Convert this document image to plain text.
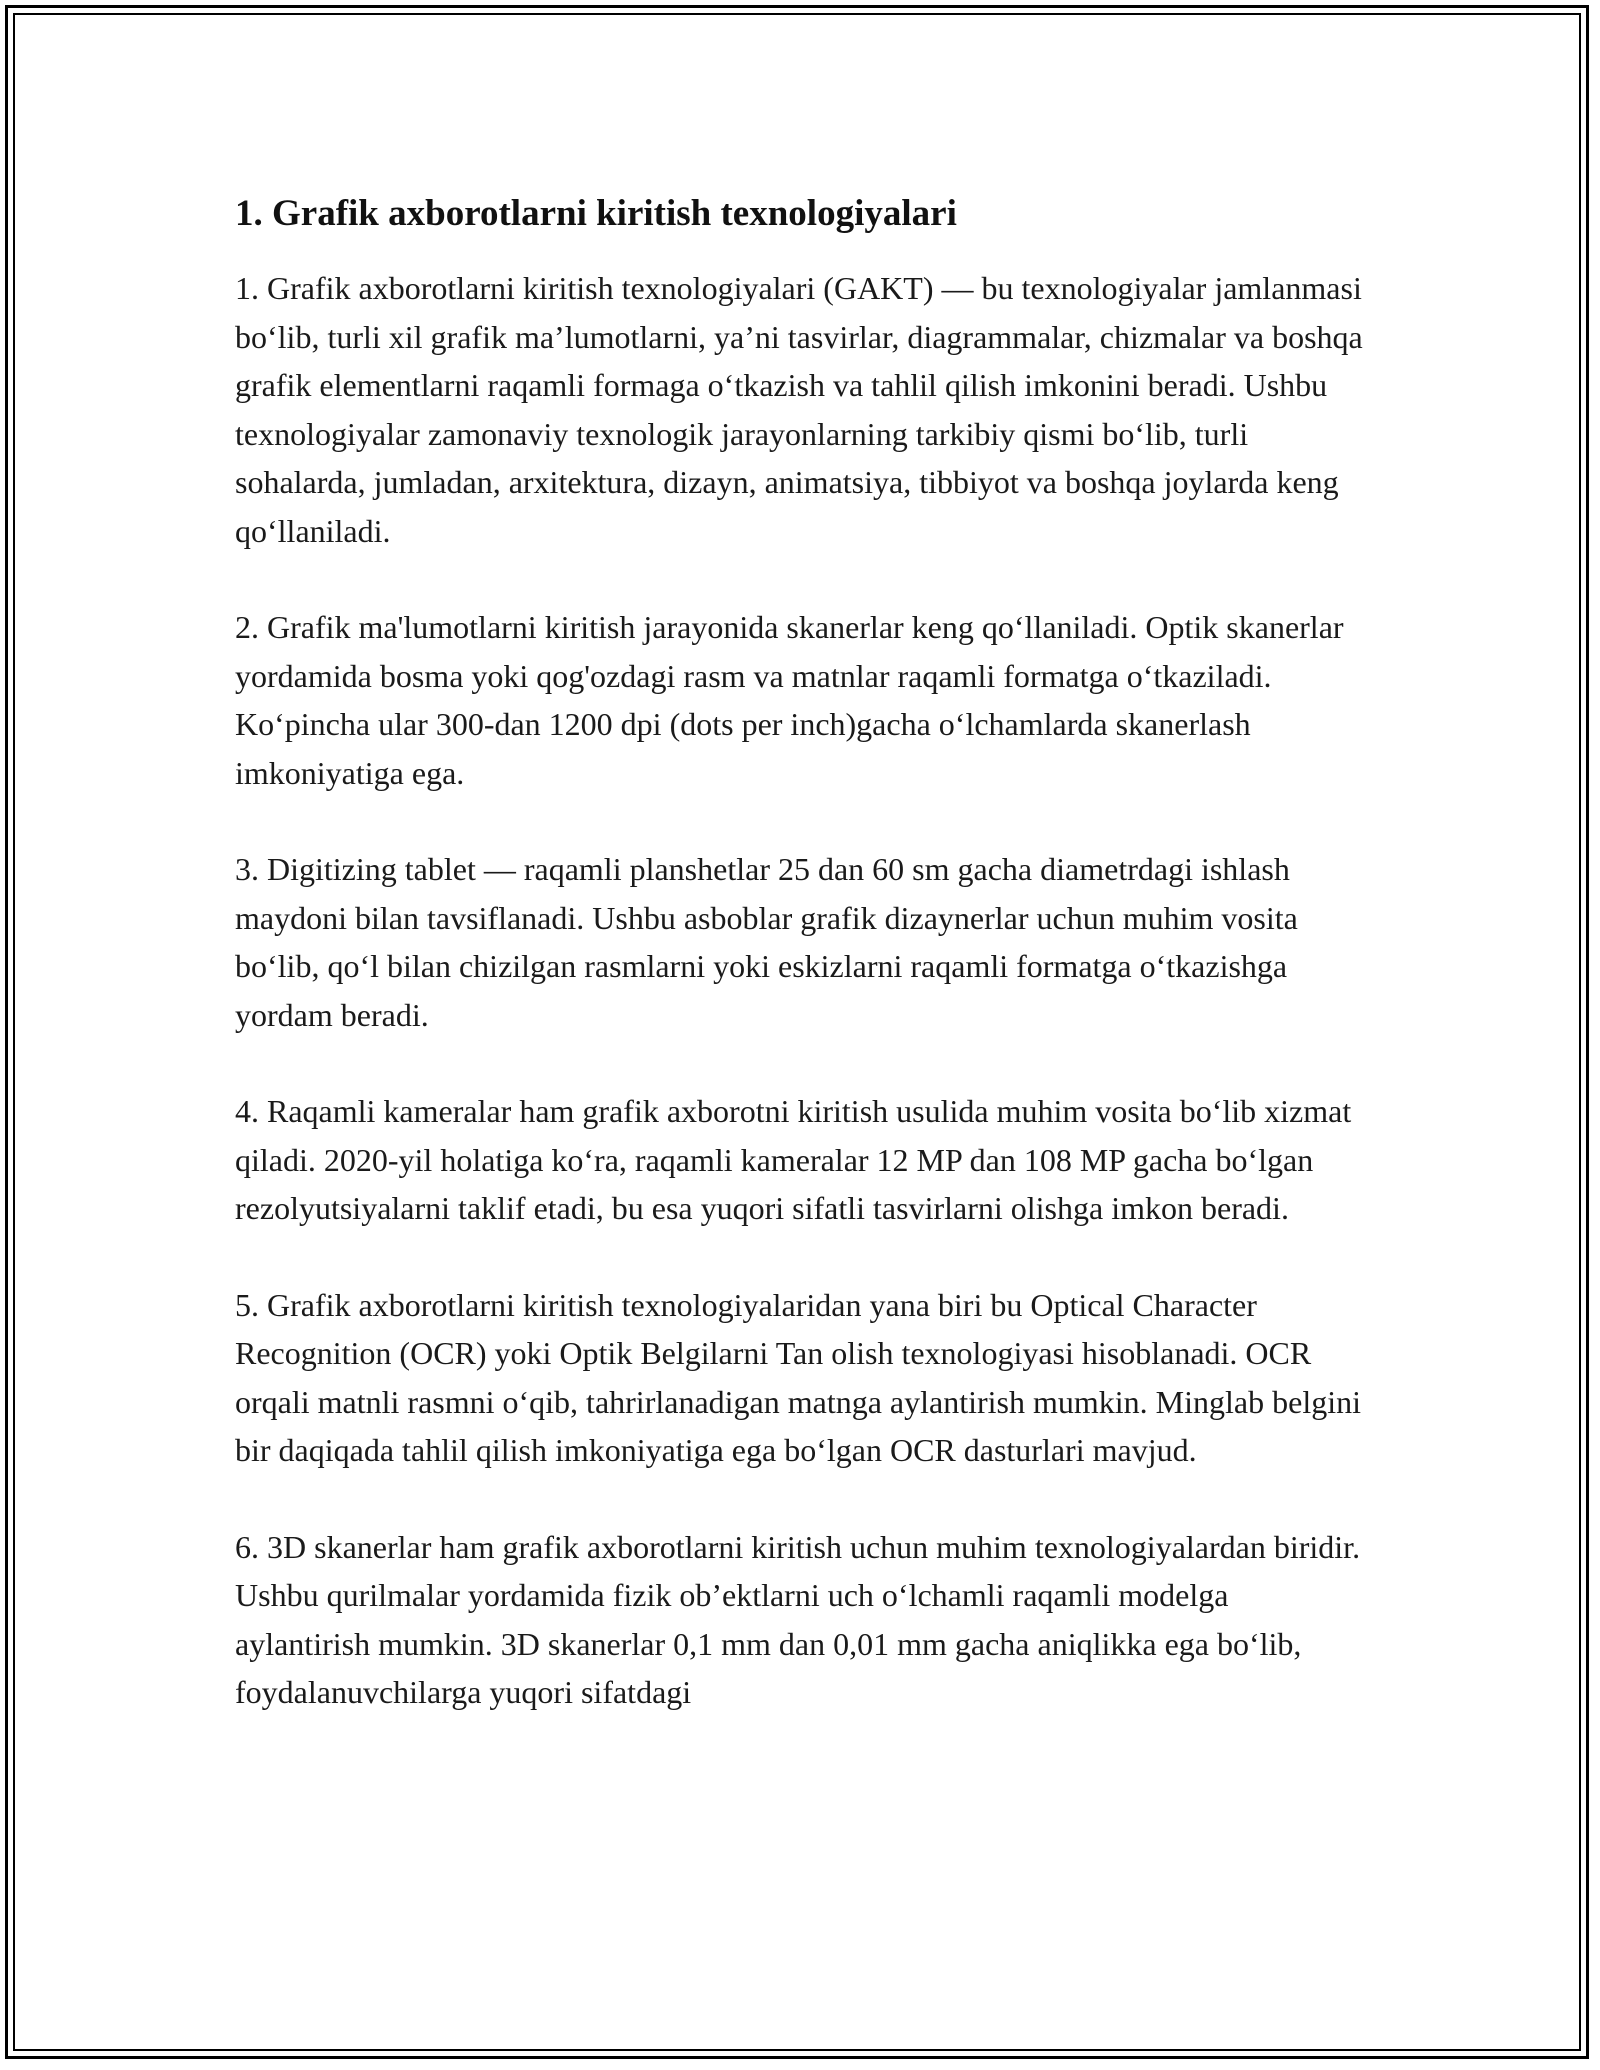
1. Grafik axborotlarni kiritish texnologiyalari

1. Grafik axborotlarni kiritish texnologiyalari (GAKT) — bu texnologiyalar jamlanmasi bo‘lib, turli xil grafik ma’lumotlarni, ya’ni tasvirlar, diagrammalar, chizmalar va boshqa grafik elementlarni raqamli formaga o‘tkazish va tahlil qilish imkonini beradi. Ushbu texnologiyalar zamonaviy texnologik jarayonlarning tarkibiy qismi bo‘lib, turli sohalarda, jumladan, arxitektura, dizayn, animatsiya, tibbiyot va boshqa joylarda keng qo‘llaniladi.

2. Grafik ma'lumotlarni kiritish jarayonida skanerlar keng qo‘llaniladi. Optik skanerlar yordamida bosma yoki qog'ozdagi rasm va matnlar raqamli formatga o‘tkaziladi. Ko‘pincha ular 300-dan 1200 dpi (dots per inch)gacha o‘lchamlarda skanerlash imkoniyatiga ega.

3. Digitizing tablet — raqamli planshetlar 25 dan 60 sm gacha diametrdagi ishlash maydoni bilan tavsiflanadi. Ushbu asboblar grafik dizaynerlar uchun muhim vosita bo‘lib, qo‘l bilan chizilgan rasmlarni yoki eskizlarni raqamli formatga o‘tkazishga yordam beradi.

4. Raqamli kameralar ham grafik axborotni kiritish usulida muhim vosita bo‘lib xizmat qiladi. 2020-yil holatiga ko‘ra, raqamli kameralar 12 MP dan 108 MP gacha bo‘lgan rezolyutsiyalarni taklif etadi, bu esa yuqori sifatli tasvirlarni olishga imkon beradi.

5. Grafik axborotlarni kiritish texnologiyalaridan yana biri bu Optical Character Recognition (OCR) yoki Optik Belgilarni Tan olish texnologiyasi hisoblanadi. OCR orqali matnli rasmni o‘qib, tahrirlanadigan matnga aylantirish mumkin. Minglab belgini bir daqiqada tahlil qilish imkoniyatiga ega bo‘lgan OCR dasturlari mavjud.

6. 3D skanerlar ham grafik axborotlarni kiritish uchun muhim texnologiyalardan biridir. Ushbu qurilmalar yordamida fizik ob’ektlarni uch o‘lchamli raqamli modelga aylantirish mumkin. 3D skanerlar 0,1 mm dan 0,01 mm gacha aniqlikka ega bo‘lib, foydalanuvchilarga yuqori sifatdagi
